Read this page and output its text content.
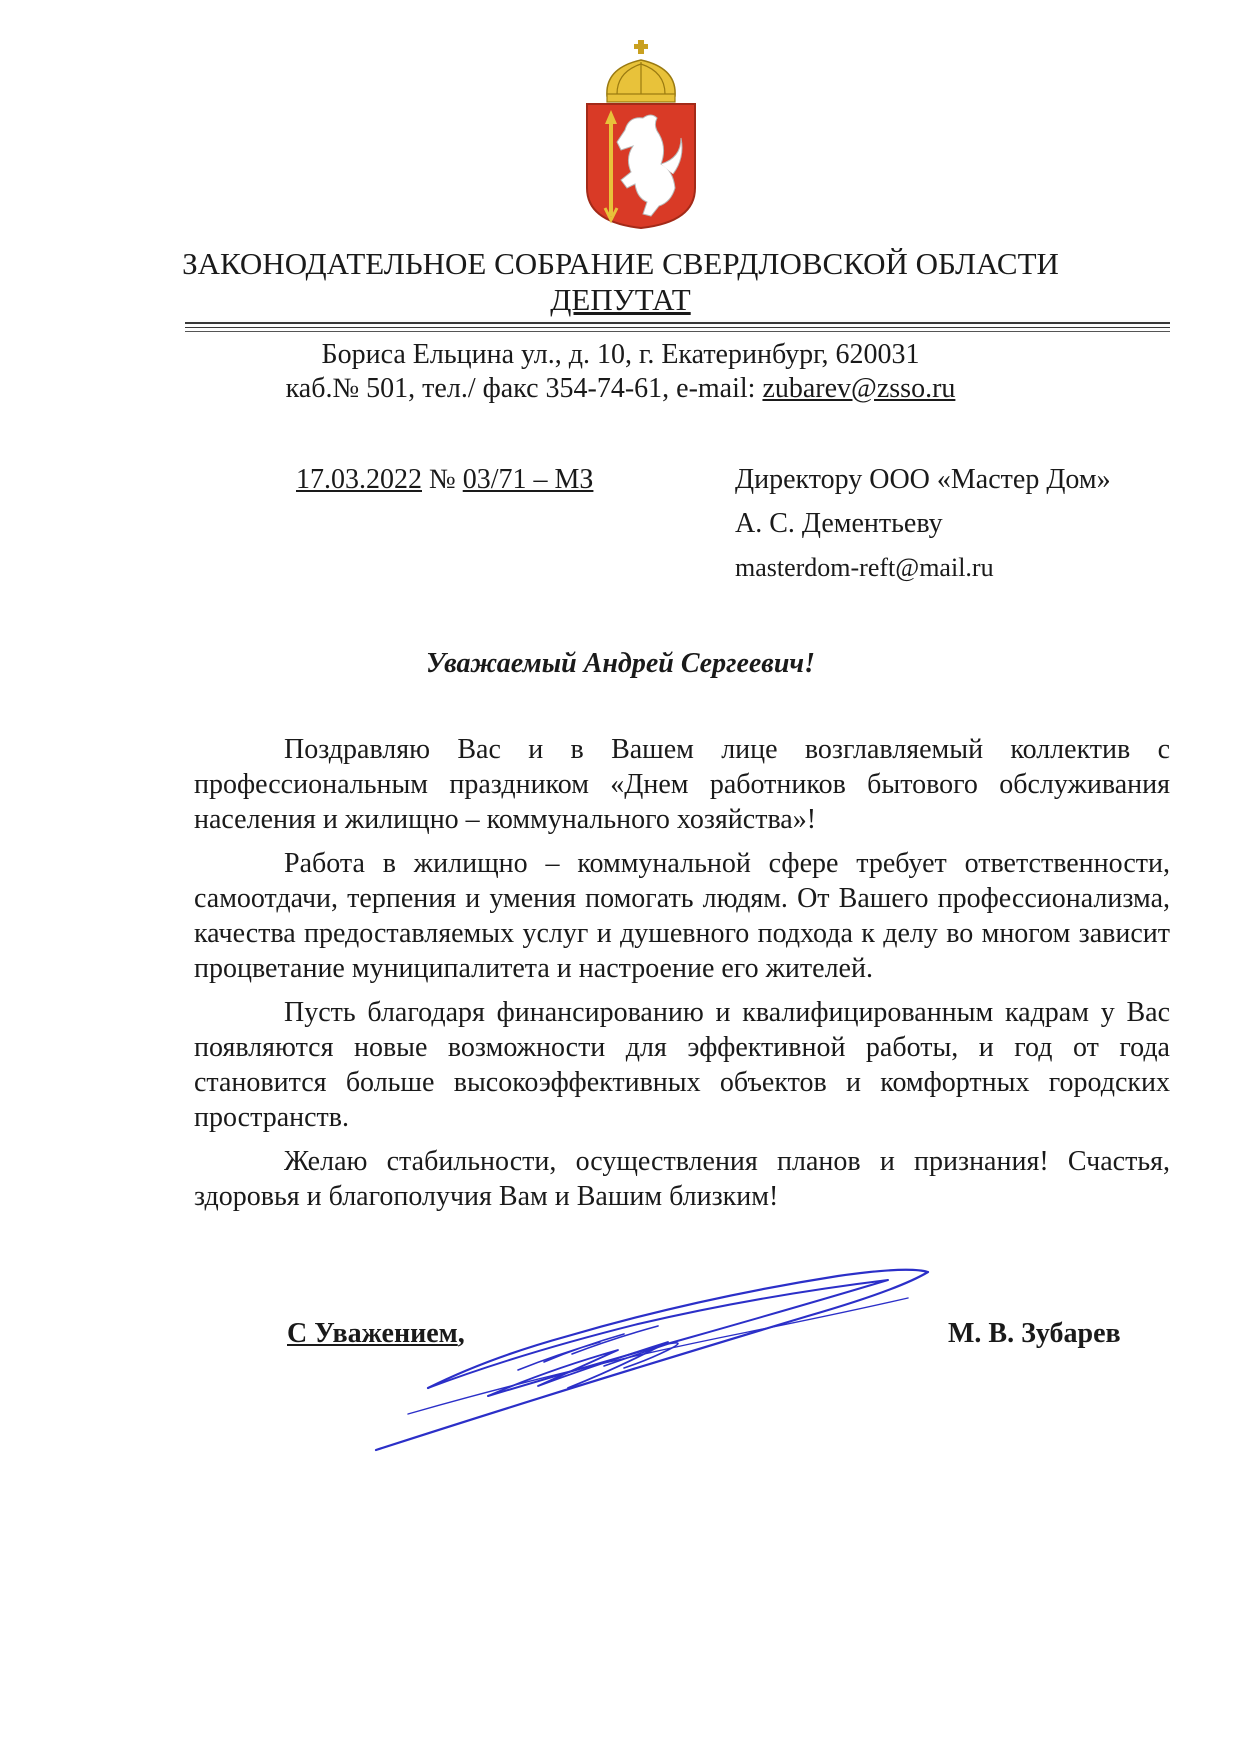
ЗАКОНОДАТЕЛЬНОЕ СОБРАНИЕ СВЕРДЛОВСКОЙ ОБЛАСТИ
ДЕПУТАТ
Бориса Ельцина ул., д. 10, г. Екатеринбург, 620031
каб.№ 501, тел./ факс 354-74-61, e-mail: zubarev@zsso.ru
17.03.2022 № 03/71 – МЗ	Директору ООО «Мастер Дом»
А. С. Дементьеву
masterdom-reft@mail.ru
Уважаемый Андрей Сергеевич!

Поздравляю Вас и в Вашем лице возглавляемый коллектив с профессиональным праздником «Днем работников бытового обслуживания населения и жилищно – коммунального хозяйства»!

Работа в жилищно – коммунальной сфере требует ответственности, самоотдачи, терпения и умения помогать людям. От Вашего профессионализма, качества предоставляемых услуг и душевного подхода к делу во многом зависит процветание муниципалитета и настроение его жителей.

Пусть благодаря финансированию и квалифицированным кадрам у Вас появляются новые возможности для эффективной работы, и год от года становится больше высокоэффективных объектов и комфортных городских пространств.

Желаю стабильности, осуществления планов и признания! Счастья, здоровья и благополучия Вам и Вашим близким!

С Уважением,	М. В. Зубарев
